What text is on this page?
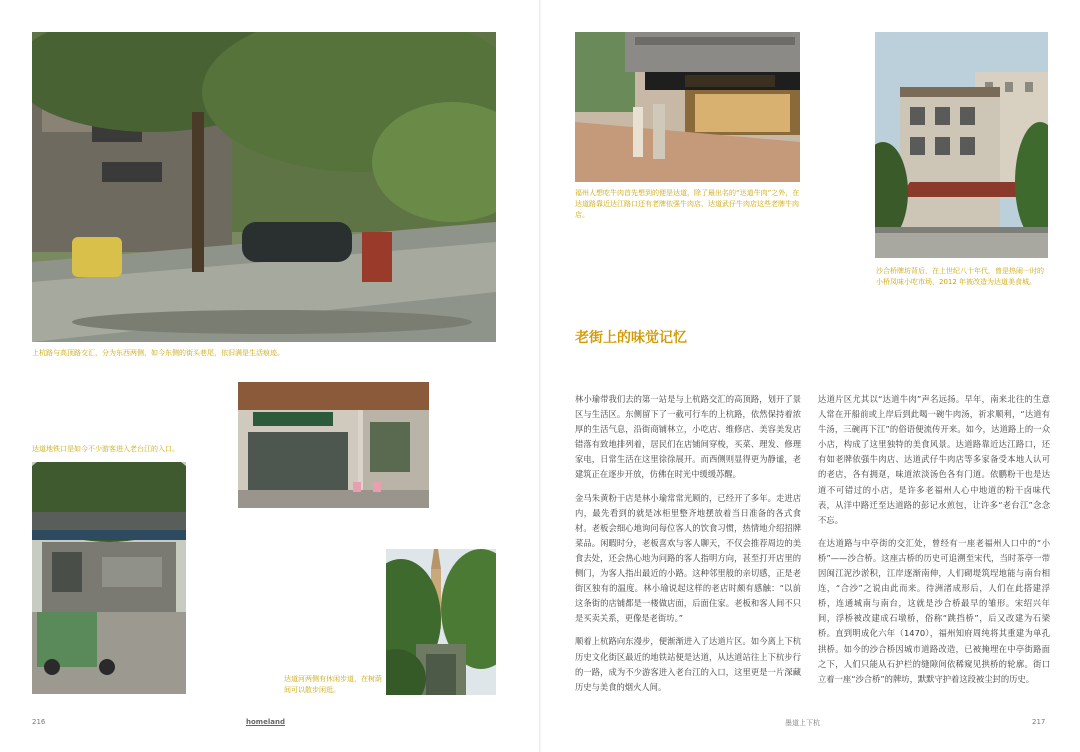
上杭路与高顶路交汇，分为东西两侧，如今东侧的街头巷尾，依旧满是生活痕迹。
达道地铁口是如今不少游客进入老台江的入口。
达道河两侧有休闲步道，在树荫间可以散步闲逛。
216	homeland
福州人想吃牛肉首先想到的便是达道，除了最出名的“达道牛肉”之外，在达道路靠近达江路口还有老牌依强牛肉店、达道武仔牛肉店这些老牌牛肉店。
沙合桥牌坊背后，在上世纪八十年代，曾是热闹一时的小桥凤味小吃市场，2012 年被改造为达道美食城。
老街上的味觉记忆

林小瑜带我们去的第一站是与上杭路交汇的高顶路，划开了景区与生活区。东侧留下了一截可行车的上杭路，依然保持着浓厚的生活气息，沿街商铺林立，小吃店、维修店、美容美发店错落有致地排列着，居民们在店铺间穿梭，买菜、理发、修理家电，日常生活在这里徐徐展开。而西侧则显得更为静谧，老建筑正在逐步开放，仿佛在时光中缓缓苏醒。

金马朱黄粉干店是林小瑜常常光顾的，已经开了多年。走进店内，最先看到的就是冰柜里整齐地摆放着当日准备的各式食材。老板会细心地询问每位客人的饮食习惯，热情地介绍招牌菜品。闲暇时分，老板喜欢与客人聊天，不仅会推荐周边的美食去处，还会热心地为问路的客人指明方向，甚至打开店里的侧门，为客人指出最近的小路。这种邻里般的亲切感，正是老街区独有的温度。林小瑜说起这样的老店时颇有感触：“以前这条街的店铺都是一楼做店面，后面住家。老板和客人间不只是买卖关系，更像是老街坊。”

顺着上杭路向东漫步，便渐渐进入了达道片区。如今离上下杭历史文化街区最近的地铁站便是达道，从达道站往上下杭步行的一路，成为不少游客进入老台江的入口，这里更是一片深藏历史与美食的烟火人间。

达道片区尤其以“达道牛肉”声名远扬。早年，南来北往的生意人常在开船前或上岸后到此喝一碗牛肉汤，祈求顺利，“达道有牛汤，三碗再下江”的俗语便流传开来。如今，达道路上的一众小店，构成了这里独特的美食风景。达道路靠近达江路口，还有如老牌依强牛肉店、达道武仔牛肉店等多家备受本地人认可的老店，各有拥趸，味道浓淡汤色各有门道。依鹏粉干也是达道不可错过的小店，是许多老福州人心中地道的粉干卤味代表，从洋中路迁至达道路的彭记水煎包，让许多“老台江”念念不忘。

在达道路与中亭街的交汇处，曾经有一座老福州人口中的“小桥”——沙合桥。这座古桥的历史可追溯至宋代，当时茶亭一带因闽江泥沙淤积，江岸逐渐南伸，人们砌堤筑埕地能与南台相连，“合沙”之说由此而来。待洲渚成形后，人们在此搭建浮桥，连通城南与南台，这就是沙合桥最早的雏形。宋绍兴年间，浮桥被改建成石墩桥，俗称“跳挡桥”，后又改建为石梁桥。直到明成化六年（1470），福州知府周纯将其重建为单孔拱桥。如今的沙合桥因城市道路改造，已被掩埋在中亭街路面之下，人们只能从石护栏的缝隙间依稀窥见拱桥的轮廓。街口立着一座“沙合桥”的牌坊，默默守护着这段被尘封的历史。

墨道上下杭	217
